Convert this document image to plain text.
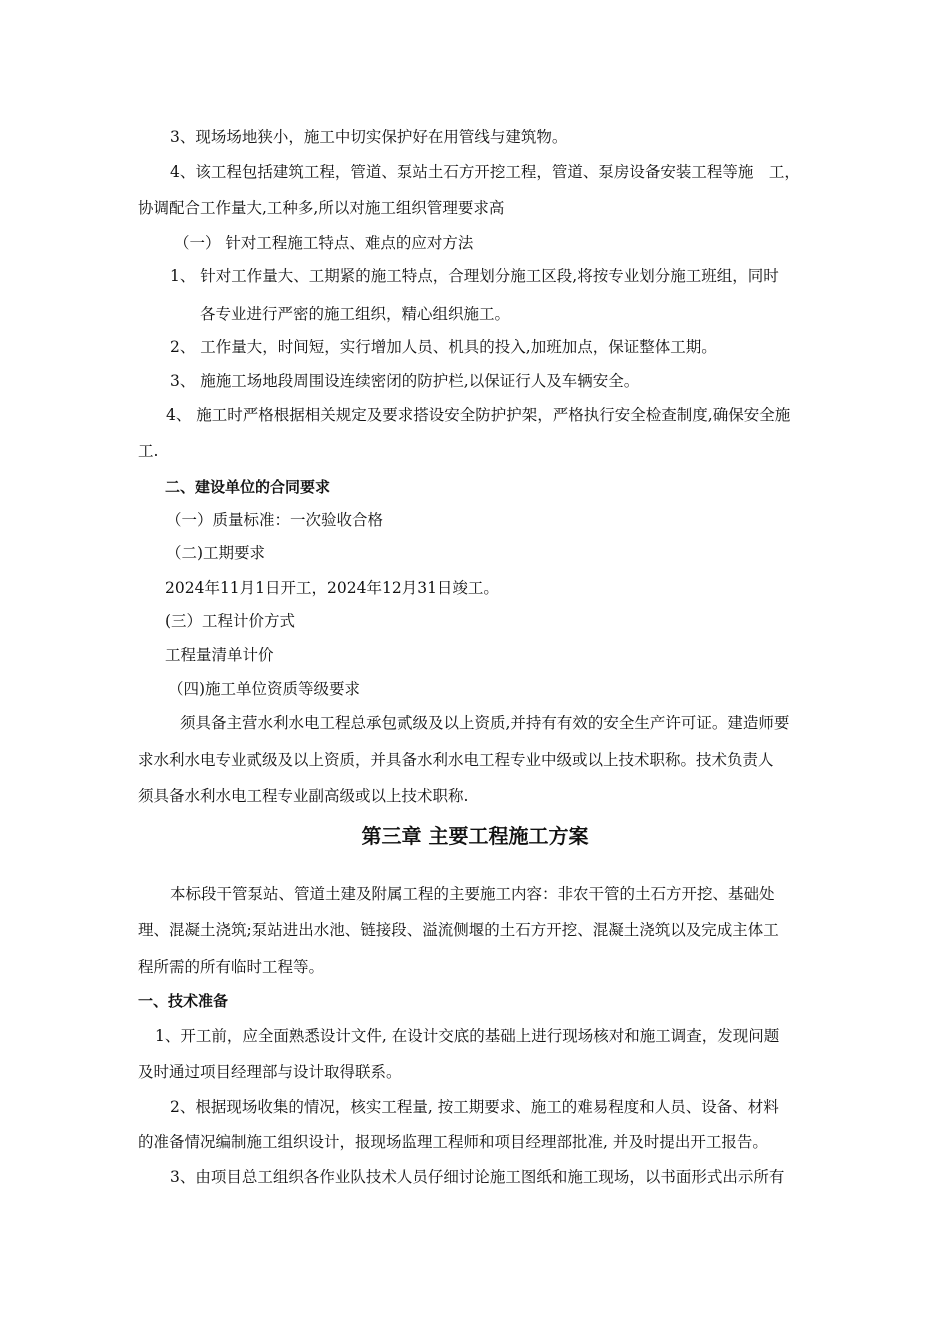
3、现场场地狭小，施工中切实保护好在用管线与建筑物。
4、该工程包括建筑工程，管道、泵站土石方开挖工程，管道、泵房设备安装工程等施　工，
协调配合工作量大,工种多,所以对施工组织管理要求高
（一） 针对工程施工特点、难点的应对方法
1、 针对工作量大、工期紧的施工特点，合理划分施工区段,将按专业划分施工班组，同时
各专业进行严密的施工组织，精心组织施工。
2、 工作量大，时间短，实行增加人员、机具的投入,加班加点，保证整体工期。
3、 施施工场地段周围设连续密闭的防护栏,以保证行人及车辆安全。
4、 施工时严格根据相关规定及要求搭设安全防护护架，严格执行安全检查制度,确保安全施
工.
二、建设单位的合同要求
（一）质量标准：一次验收合格
（二)工期要求
2024年11月1日开工，2024年12月31日竣工。
(三）工程计价方式
工程量清单计价
（四)施工单位资质等级要求
须具备主营水利水电工程总承包贰级及以上资质,并持有有效的安全生产许可证。建造师要
求水利水电专业贰级及以上资质，并具备水利水电工程专业中级或以上技术职称。技术负责人
须具备水利水电工程专业副高级或以上技术职称.
第三章 主要工程施工方案
本标段干管泵站、管道土建及附属工程的主要施工内容：非农干管的土石方开挖、基础处
理、混凝土浇筑;泵站进出水池、链接段、溢流侧堰的土石方开挖、混凝土浇筑以及完成主体工
程所需的所有临时工程等。
一、技术准备
1、开工前，应全面熟悉设计文件, 在设计交底的基础上进行现场核对和施工调查，发现问题
及时通过项目经理部与设计取得联系。
2、根据现场收集的情况，核实工程量, 按工期要求、施工的难易程度和人员、设备、材料
的准备情况编制施工组织设计，报现场监理工程师和项目经理部批准, 并及时提出开工报告。
3、由项目总工组织各作业队技术人员仔细讨论施工图纸和施工现场，以书面形式出示所有
